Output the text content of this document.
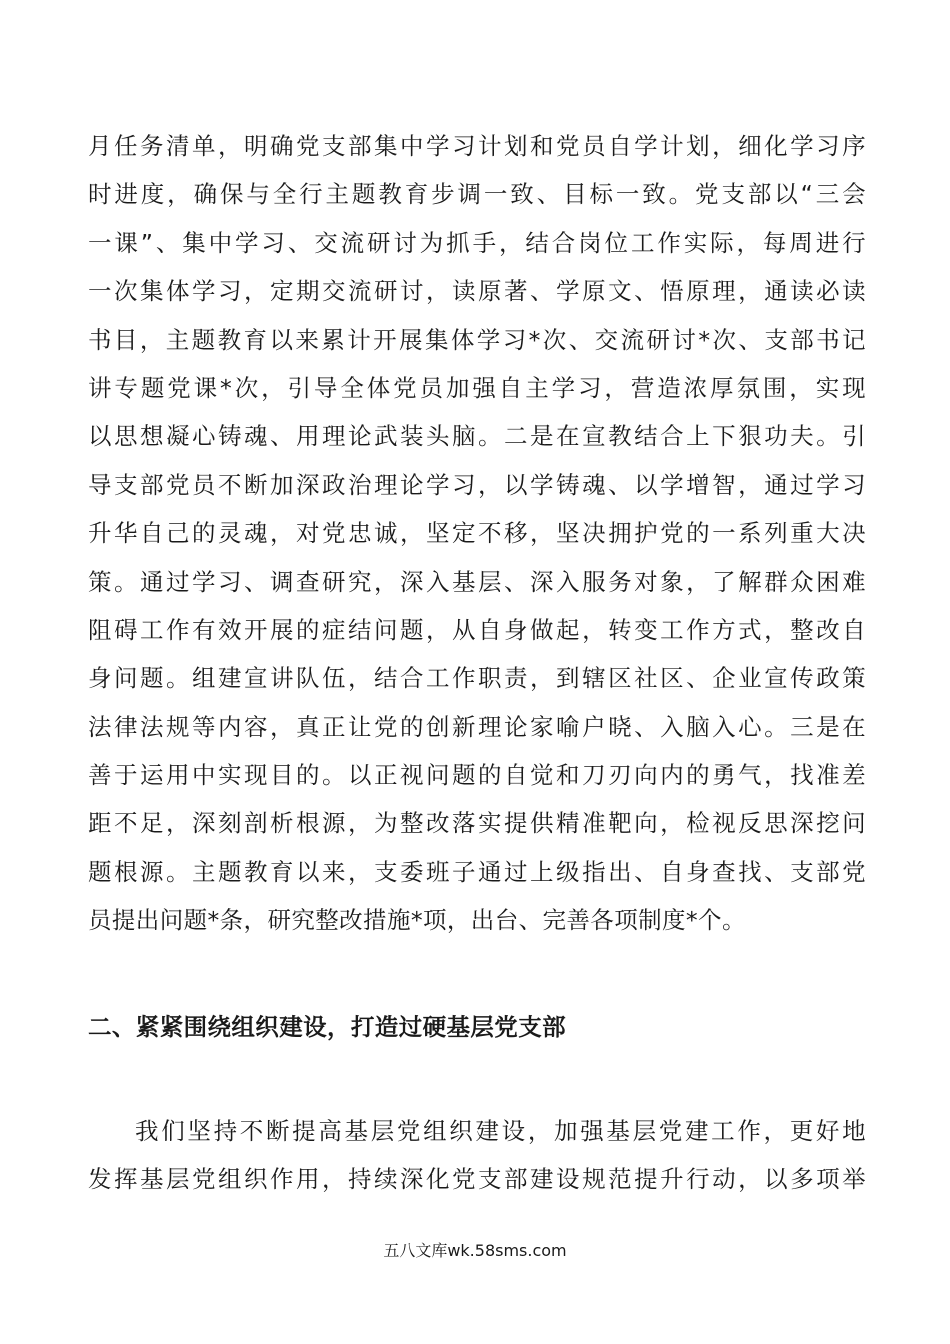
月任务清单，明确党支部集中学习计划和党员自学计划，细化学习序
时进度，确保与全行主题教育步调一致、目标一致。党支部以“三会
一课”、集中学习、交流研讨为抓手，结合岗位工作实际，每周进行
一次集体学习，定期交流研讨，读原著、学原文、悟原理，通读必读
书目，主题教育以来累计开展集体学习*次、交流研讨*次、支部书记
讲专题党课*次，引导全体党员加强自主学习，营造浓厚氛围，实现
以思想凝心铸魂、用理论武装头脑。二是在宣教结合上下狠功夫。引
导支部党员不断加深政治理论学习，以学铸魂、以学增智，通过学习
升华自己的灵魂，对党忠诚，坚定不移，坚决拥护党的一系列重大决
策。通过学习、调查研究，深入基层、深入服务对象，了解群众困难
阻碍工作有效开展的症结问题，从自身做起，转变工作方式，整改自
身问题。组建宣讲队伍，结合工作职责，到辖区社区、企业宣传政策
法律法规等内容，真正让党的创新理论家喻户晓、入脑入心。三是在
善于运用中实现目的。以正视问题的自觉和刀刃向内的勇气，找准差
距不足，深刻剖析根源，为整改落实提供精准靶向，检视反思深挖问
题根源。主题教育以来，支委班子通过上级指出、自身查找、支部党
员提出问题*条，研究整改措施*项，出台、完善各项制度*个。
二、紧紧围绕组织建设，打造过硬基层党支部
我们坚持不断提高基层党组织建设，加强基层党建工作，更好地
发挥基层党组织作用，持续深化党支部建设规范提升行动，以多项举
五八文库wk.58sms.com
